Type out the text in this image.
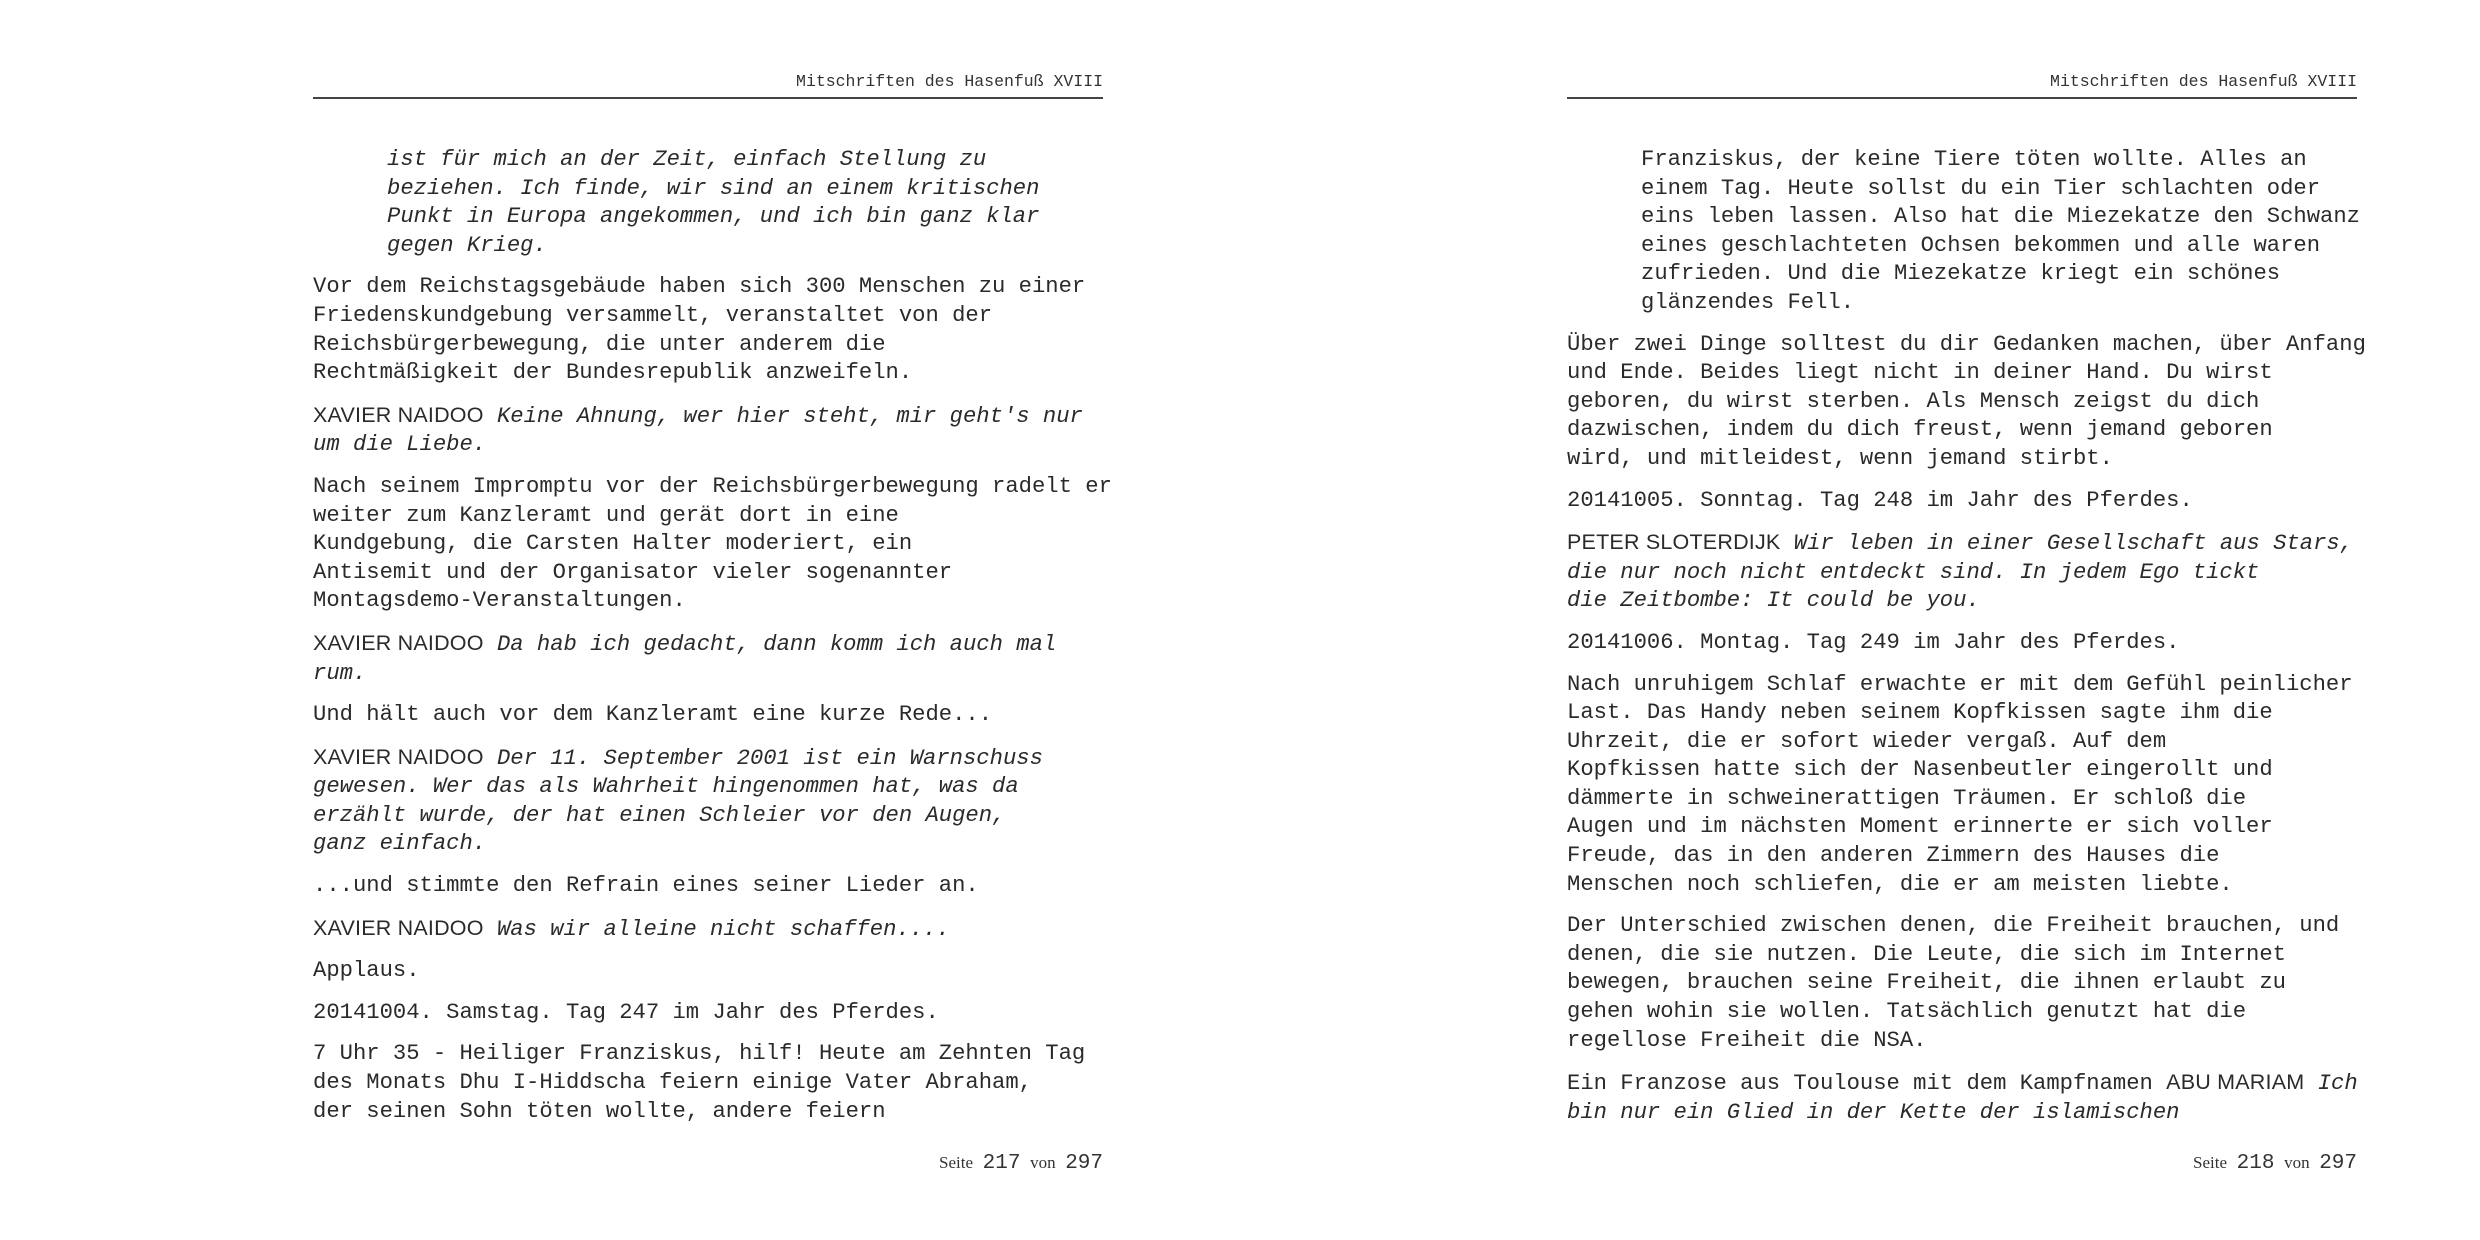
Mitschriften des Hasenfuß XVIII

ist für mich an der Zeit, einfach Stellung zu
beziehen. Ich finde, wir sind an einem kritischen
Punkt in Europa angekommen, und ich bin ganz klar
gegen Krieg.

Vor dem Reichstagsgebäude haben sich 300 Menschen zu einer
Friedenskundgebung versammelt, veranstaltet von der
Reichsbürgerbewegung, die unter anderem die
Rechtmäßigkeit der Bundesrepublik anzweifeln.

XAVIER NAIDOO Keine Ahnung, wer hier steht, mir geht's nur
um die Liebe.

Nach seinem Impromptu vor der Reichsbürgerbewegung radelt er
weiter zum Kanzleramt und gerät dort in eine
Kundgebung, die Carsten Halter moderiert, ein
Antisemit und der Organisator vieler sogenannter
Montagsdemo-Veranstaltungen.

XAVIER NAIDOO Da hab ich gedacht, dann komm ich auch mal
rum.

Und hält auch vor dem Kanzleramt eine kurze Rede...

XAVIER NAIDOO Der 11. September 2001 ist ein Warnschuss
gewesen. Wer das als Wahrheit hingenommen hat, was da
erzählt wurde, der hat einen Schleier vor den Augen,
ganz einfach.

...und stimmte den Refrain eines seiner Lieder an.

XAVIER NAIDOO Was wir alleine nicht schaffen....

Applaus.

20141004. Samstag. Tag 247 im Jahr des Pferdes.

7 Uhr 35 - Heiliger Franziskus, hilf! Heute am Zehnten Tag
des Monats Dhu I-Hiddscha feiern einige Vater Abraham,
der seinen Sohn töten wollte, andere feiern

Seite 217 von 297
Mitschriften des Hasenfuß XVIII

Franziskus, der keine Tiere töten wollte. Alles an
einem Tag. Heute sollst du ein Tier schlachten oder
eins leben lassen. Also hat die Miezekatze den Schwanz
eines geschlachteten Ochsen bekommen und alle waren
zufrieden. Und die Miezekatze kriegt ein schönes
glänzendes Fell.

Über zwei Dinge solltest du dir Gedanken machen, über Anfang
und Ende. Beides liegt nicht in deiner Hand. Du wirst
geboren, du wirst sterben. Als Mensch zeigst du dich
dazwischen, indem du dich freust, wenn jemand geboren
wird, und mitleidest, wenn jemand stirbt.

20141005. Sonntag. Tag 248 im Jahr des Pferdes.

PETER SLOTERDIJK Wir leben in einer Gesellschaft aus Stars,
die nur noch nicht entdeckt sind. In jedem Ego tickt
die Zeitbombe: It could be you.

20141006. Montag. Tag 249 im Jahr des Pferdes.

Nach unruhigem Schlaf erwachte er mit dem Gefühl peinlicher
Last. Das Handy neben seinem Kopfkissen sagte ihm die
Uhrzeit, die er sofort wieder vergaß. Auf dem
Kopfkissen hatte sich der Nasenbeutler eingerollt und
dämmerte in schweinerattigen Träumen. Er schloß die
Augen und im nächsten Moment erinnerte er sich voller
Freude, das in den anderen Zimmern des Hauses die
Menschen noch schliefen, die er am meisten liebte.

Der Unterschied zwischen denen, die Freiheit brauchen, und
denen, die sie nutzen. Die Leute, die sich im Internet
bewegen, brauchen seine Freiheit, die ihnen erlaubt zu
gehen wohin sie wollen. Tatsächlich genutzt hat die
regellose Freiheit die NSA.

Ein Franzose aus Toulouse mit dem Kampfnamen ABU MARIAM Ich
bin nur ein Glied in der Kette der islamischen

Seite 218 von 297
